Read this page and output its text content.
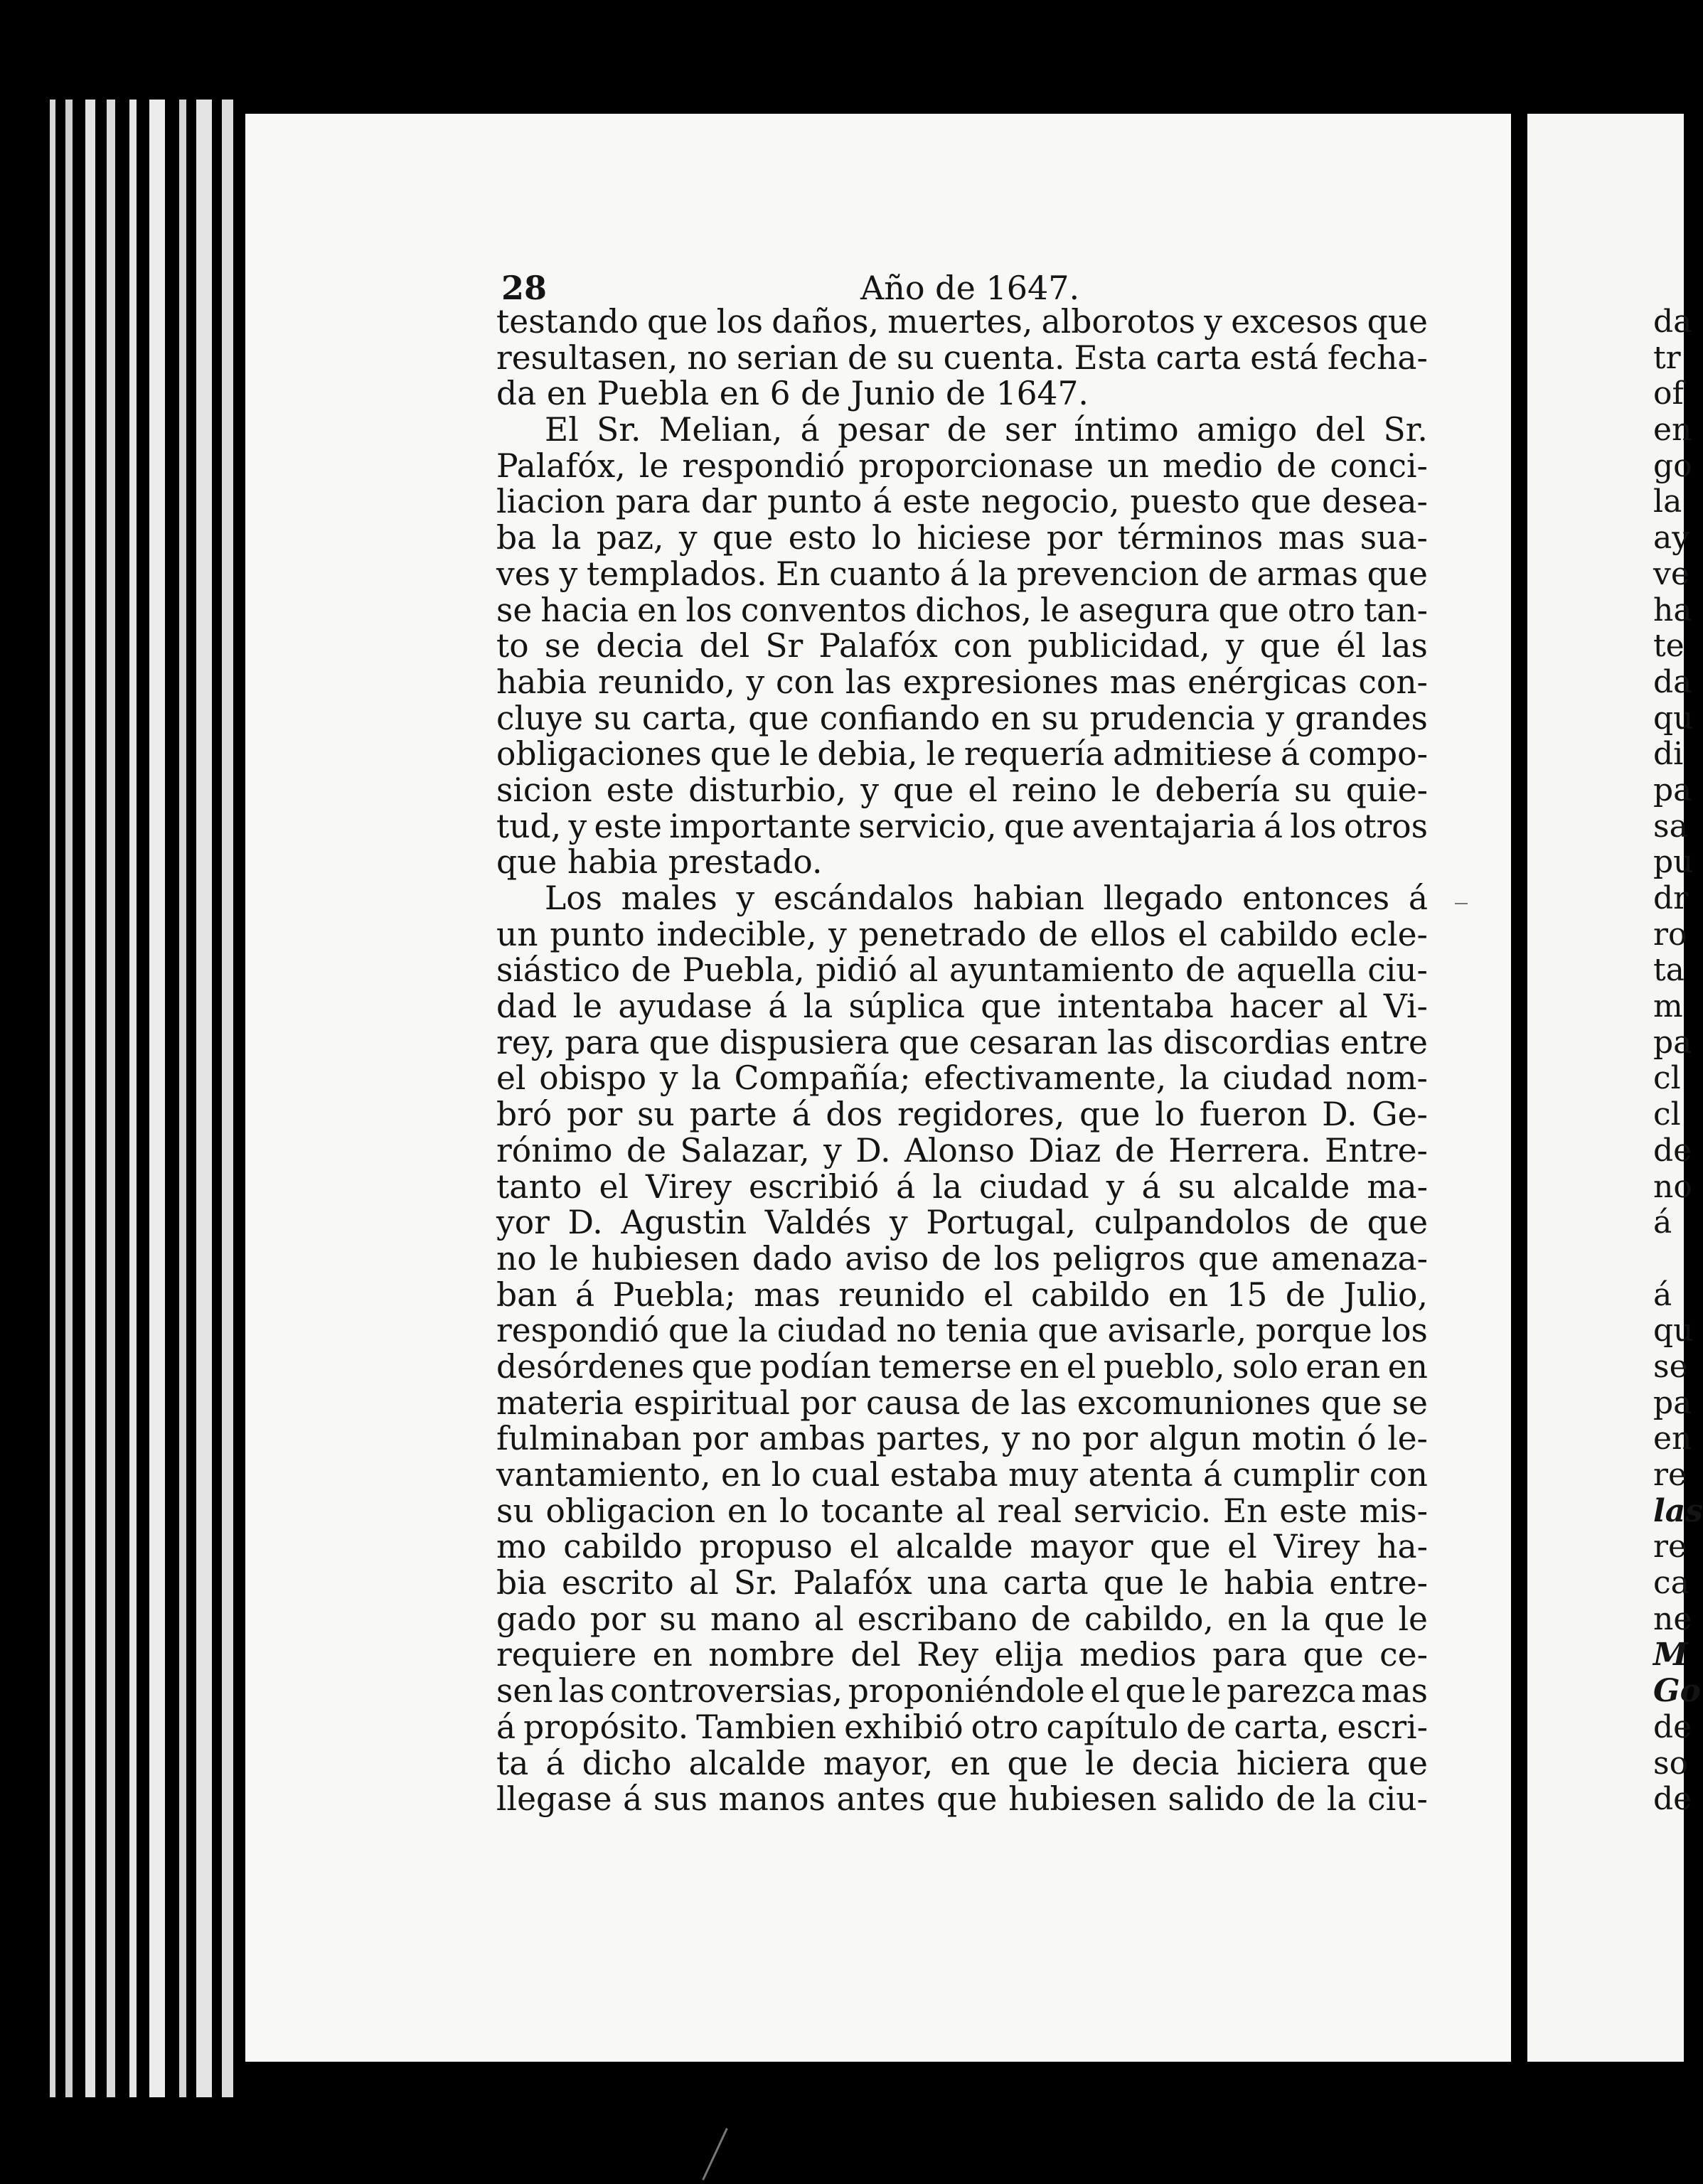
28	Año de 1647.
testando que los daños, muertes, alborotos y excesos que
resultasen, no serian de su cuenta. Esta carta está fecha-
da en Puebla en 6 de Junio de 1647.
El Sr. Melian, á pesar de ser íntimo amigo del Sr.
Palafóx, le respondió proporcionase un medio de conci-
liacion para dar punto á este negocio, puesto que desea-
ba la paz, y que esto lo hiciese por términos mas sua-
ves y templados. En cuanto á la prevencion de armas que
se hacia en los conventos dichos, le asegura que otro tan-
to se decia del Sr Palafóx con publicidad, y que él las
habia reunido, y con las expresiones mas enérgicas con-
cluye su carta, que confiando en su prudencia y grandes
obligaciones que le debia, le requería admitiese á compo-
sicion este disturbio, y que el reino le debería su quie-
tud, y este importante servicio, que aventajaria á los otros
que habia prestado.
Los males y escándalos habian llegado entonces á
un punto indecible, y penetrado de ellos el cabildo ecle-
siástico de Puebla, pidió al ayuntamiento de aquella ciu-
dad le ayudase á la súplica que intentaba hacer al Vi-
rey, para que dispusiera que cesaran las discordias entre
el obispo y la Compañía; efectivamente, la ciudad nom-
bró por su parte á dos regidores, que lo fueron D. Ge-
rónimo de Salazar, y D. Alonso Diaz de Herrera. Entre-
tanto el Virey escribió á la ciudad y á su alcalde ma-
yor D. Agustin Valdés y Portugal, culpandolos de que
no le hubiesen dado aviso de los peligros que amenaza-
ban á Puebla; mas reunido el cabildo en 15 de Julio,
respondió que la ciudad no tenia que avisarle, porque los
desórdenes que podían temerse en el pueblo, solo eran en
materia espiritual por causa de las excomuniones que se
fulminaban por ambas partes, y no por algun motin ó le-
vantamiento, en lo cual estaba muy atenta á cumplir con
su obligacion en lo tocante al real servicio. En este mis-
mo cabildo propuso el alcalde mayor que el Virey ha-
bia escrito al Sr. Palafóx una carta que le habia entre-
gado por su mano al escribano de cabildo, en la que le
requiere en nombre del Rey elija medios para que ce-
sen las controversias, proponiéndole el que le parezca mas
á propósito. Tambien exhibió otro capítulo de carta, escri-
ta á dicho alcalde mayor, en que le decia hiciera que
llegase á sus manos antes que hubiesen salido de la ciu-
da
tr
of
en
go
la
ay
ve
ha
te
da
qu
di
pa
sa
pu
dr
ro
ta
m
pa
cl
cl
de
no
á
á
qu
se
pa
en
re
las
re
ca
ne
M
Go
de
so
de
